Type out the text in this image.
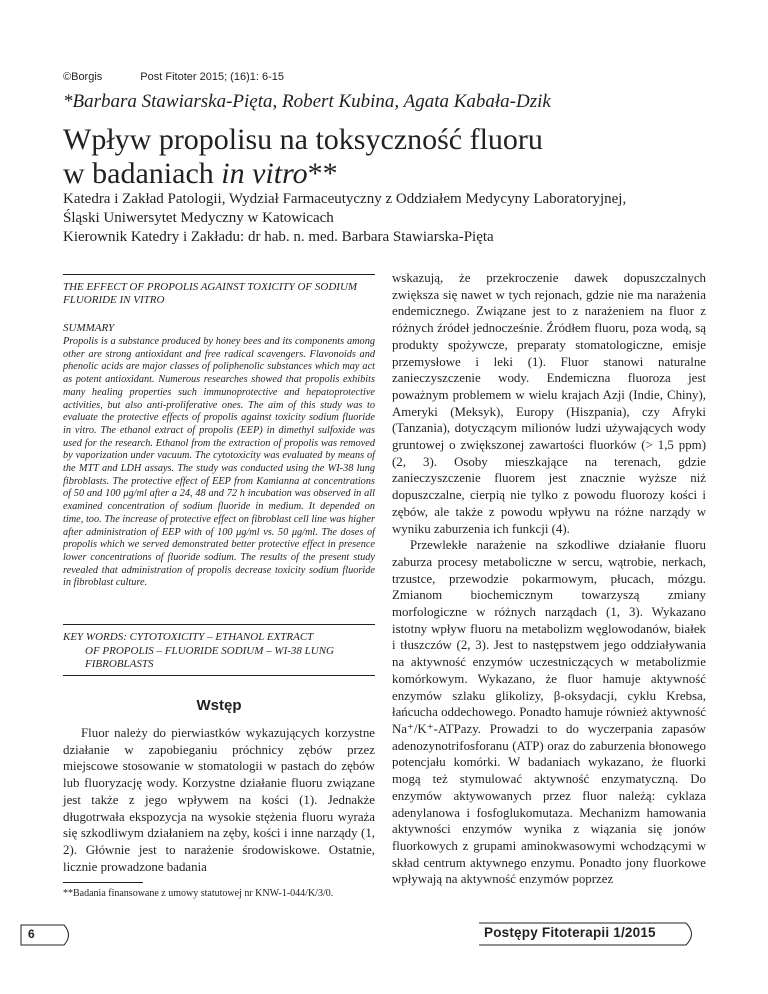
©Borgis	Post Fitoter 2015; (16)1: 6-15
*Barbara Stawiarska-Pięta, Robert Kubina, Agata Kabała-Dzik
Wpływ propolisu na toksyczność fluoru
w badaniach in vitro**
Katedra i Zakład Patologii, Wydział Farmaceutyczny z Oddziałem Medycyny Laboratoryjnej,
Śląski Uniwersytet Medyczny w Katowicach
Kierownik Katedry i Zakładu: dr hab. n. med. Barbara Stawiarska-Pięta
THE EFFECT OF PROPOLIS AGAINST TOXICITY OF SODIUM FLUORIDE IN VITRO
SUMMARY
Propolis is a substance produced by honey bees and its components among other are strong antioxidant and free radical scavengers. Flavonoids and phenolic acids are major classes of poliphenolic substances which may act as potent antioxidant. Numerous researches showed that propolis exhibits many healing properties such immunoprotective and hepatoprotective activities, but also anti-proliferative ones. The aim of this study was to evaluate the protective effects of propolis against toxicity sodium fluoride in vitro. The ethanol extract of propolis (EEP) in dimethyl sulfoxide was used for the research. Ethanol from the extraction of propolis was removed by vaporization under vacuum. The cytotoxicity was evaluated by means of the MTT and LDH assays. The study was conducted using the WI-38 lung fibroblasts. The protective effect of EEP from Kamianna at concentrations of 50 and 100 μg/ml after a 24, 48 and 72 h incubation was observed in all examined concentration of sodium fluoride in medium. It depended on time, too. The increase of protective effect on fibroblast cell line was higher after administration of EEP with of 100 μg/ml vs. 50 μg/ml. The doses of propolis which we served demonstrated better protective effect in presence lower concentrations of fluoride sodium. The results of the present study revealed that administration of propolis decrease toxicity sodium fluoride in fibroblast culture.
KEY WORDS: CYTOTOXICITY – ETHANOL EXTRACT
OF PROPOLIS – FLUORIDE SODIUM – WI-38 LUNG
FIBROBLASTS
Wstęp
Fluor należy do pierwiastków wykazujących korzystne działanie w zapobieganiu próchnicy zębów przez miejscowe stosowanie w stomatologii w pastach do zębów lub fluoryzację wody. Korzystne działanie fluoru związane jest także z jego wpływem na kości (1). Jednakże długotrwała ekspozycja na wysokie stężenia fluoru wyraża się szkodliwym działaniem na zęby, kości i inne narządy (1, 2). Głównie jest to narażenie środowiskowe. Ostatnie, licznie prowadzone badania

wskazują, że przekroczenie dawek dopuszczalnych zwiększa się nawet w tych rejonach, gdzie nie ma narażenia endemicznego. Związane jest to z narażeniem na fluor z różnych źródeł jednocześnie. Źródłem fluoru, poza wodą, są produkty spożywcze, preparaty stomatologiczne, emisje przemysłowe i leki (1). Fluor stanowi naturalne zanieczyszczenie wody. Endemiczna fluoroza jest poważnym problemem w wielu krajach Azji (Indie, Chiny), Ameryki (Meksyk), Europy (Hiszpania), czy Afryki (Tanzania), dotyczącym milionów ludzi używających wody gruntowej o zwiększonej zawartości fluorków (> 1,5 ppm) (2, 3). Osoby mieszkające na terenach, gdzie zanieczyszczenie fluorem jest znacznie wyższe niż dopuszczalne, cierpią nie tylko z powodu fluorozy kości i zębów, ale także z powodu wpływu na różne narządy w wyniku zaburzenia ich funkcji (4).

Przewlekłe narażenie na szkodliwe działanie fluoru zaburza procesy metaboliczne w sercu, wątrobie, nerkach, trzustce, przewodzie pokarmowym, płucach, mózgu. Zmianom biochemicznym towarzyszą zmiany morfologiczne w różnych narządach (1, 3). Wykazano istotny wpływ fluoru na metabolizm węglowodanów, białek i tłuszczów (2, 3). Jest to następstwem jego oddziaływania na aktywność enzymów uczestniczących w metabolizmie komórkowym. Wykazano, że fluor hamuje aktywność enzymów szlaku glikolizy, β-oksydacji, cyklu Krebsa, łańcucha oddechowego. Ponadto hamuje również aktywność Na⁺/K⁺-ATPazy. Prowadzi to do wyczerpania zapasów adenozynotrifosforanu (ATP) oraz do zaburzenia błonowego potencjału komórki. W badaniach wykazano, że fluorki mogą też stymulować aktywność enzymatyczną. Do enzymów aktywowanych przez fluor należą: cyklaza adenylanowa i fosfoglukomutaza. Mechanizm hamowania aktywności enzymów wynika z wiązania się jonów fluorkowych z grupami aminokwasowymi wchodzącymi w skład centrum aktywnego enzymu. Ponadto jony fluorkowe wpływają na aktywność enzymów poprzez

**Badania finansowane z umowy statutowej nr KNW-1-044/K/3/0.
6	Postępy Fitoterapii 1/2015
